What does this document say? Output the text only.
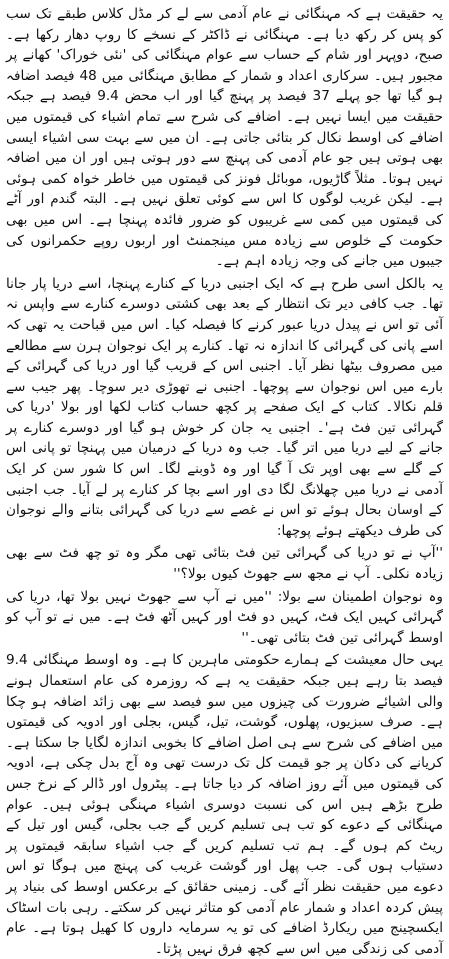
یہ حقیقت ہے کہ مہنگائی نے عام آدمی سے لے کر مڈل کلاس طبقے تک سب کو پس کر رکھ دیا ہے۔ مہنگائی نے ڈاکٹر کے نسخے کا روپ دھار رکھا ہے۔ صبح، دوپہر اور شام کے حساب سے عوام مہنگائی کی 'نئی خوراک' کھانے پر مجبور ہیں۔ سرکاری اعداد و شمار کے مطابق مہنگائی میں 48 فیصد اضافہ ہو گیا تھا جو پہلے 37 فیصد پر پہنچ گیا اور اب محض 9.4 فیصد ہے جبکہ حقیقت میں ایسا نہیں ہے۔ اضافے کی شرح سے تمام اشیاء کی قیمتوں میں اضافے کی اوسط نکال کر بتائی جاتی ہے۔ ان میں سے بہت سی اشیاء ایسی بھی ہوتی ہیں جو عام آدمی کی پہنچ سے دور ہوتی ہیں اور ان میں اضافہ نہیں ہوتا۔ مثلاً گاڑیوں، موبائل فونز کی قیمتوں میں خاطر خواہ کمی ہوئی ہے۔ لیکن غریب لوگوں کا اس سے کوئی تعلق نہیں ہے۔ البتہ گندم اور آٹے کی قیمتوں میں کمی سے غریبوں کو ضرور فائدہ پہنچا ہے۔ اس میں بھی حکومت کے خلوص سے زیادہ مس مینجمنٹ اور اربوں روپے حکمرانوں کی جیبوں میں جانے کی وجہ زیادہ اہم ہے۔

یہ بالکل اسی طرح ہے کہ ایک اجنبی دریا کے کنارے پہنچا، اسے دریا پار جانا تھا۔ جب کافی دیر تک انتظار کے بعد بھی کشتی دوسرے کنارے سے واپس نہ آئی تو اس نے پیدل دریا عبور کرنے کا فیصلہ کیا۔ اس میں قباحت یہ تھی کہ اسے پانی کی گہرائی کا اندازہ نہ تھا۔ کنارے پر ایک نوجوان ہرن سے مطالعے میں مصروف بیٹھا نظر آیا۔ اجنبی اس کے قریب گیا اور دریا کی گہرائی کے بارے میں اس نوجوان سے پوچھا۔ اجنبی نے تھوڑی دیر سوچا۔ پھر جیب سے قلم نکالا۔ کتاب کے ایک صفحے پر کچھ حساب کتاب لکھا اور بولا 'دریا کی گہرائی تین فٹ ہے'۔ اجنبی یہ جان کر خوش ہو گیا اور دوسرے کنارے پر جانے کے لیے دریا میں اتر گیا۔ جب وہ دریا کے درمیان میں پہنچا تو پانی اس کے گلے سے بھی اوپر تک آ گیا اور وہ ڈوبنے لگا۔ اس کا شور سن کر ایک آدمی نے دریا میں چھلانگ لگا دی اور اسے بچا کر کنارے پر لے آیا۔ جب اجنبی کے اوسان بحال ہوئے تو اس نے غصے سے دریا کی گہرائی بتانے والے نوجوان کی طرف دیکھتے ہوئے پوچھا:

''آپ نے تو دریا کی گہرائی تین فٹ بتائی تھی مگر وہ تو چھ فٹ سے بھی زیادہ نکلی۔ آپ نے مجھ سے جھوٹ کیوں بولا؟''

وہ نوجوان اطمینان سے بولا: ''میں نے آپ سے جھوٹ نہیں بولا تھا، دریا کی گہرائی کہیں ایک فٹ، کہیں دو فٹ اور کہیں آٹھ فٹ ہے۔ میں نے تو آپ کو اوسط گہرائی تین فٹ بتائی تھی۔''

یہی حال معیشت کے ہمارے حکومتی ماہرین کا ہے۔ وہ اوسط مہنگائی 9.4 فیصد بتا رہے ہیں جبکہ حقیقت یہ ہے کہ روزمرہ کی عام استعمال ہونے والی اشیائے ضرورت کی چیزوں میں سو فیصد سے بھی زائد اضافہ ہو چکا ہے۔ صرف سبزیوں، پھلوں، گوشت، تیل، گیس، بجلی اور ادویہ کی قیمتوں میں اضافے کی شرح سے ہی اصل اضافے کا بخوبی اندازہ لگایا جا سکتا ہے۔ کریانے کی دکان پر جو قیمت کل تک درست تھی وہ آج بدل چکی ہے، ادویہ کی قیمتوں میں آئے روز اضافہ کر دیا جاتا ہے۔ پیٹرول اور ڈالر کے نرخ جس طرح بڑھے ہیں اس کی نسبت دوسری اشیاء مہنگی ہوئی ہیں۔ عوام مہنگائی کے دعوے کو تب ہی تسلیم کریں گے جب بجلی، گیس اور تیل کے ریٹ کم ہوں گے۔ ہم تب تسلیم کریں گے جب اشیاء سابقہ قیمتوں پر دستیاب ہوں گی۔ جب پھل اور گوشت غریب کی پہنچ میں ہوگا تو اس دعوے میں حقیقت نظر آئے گی۔ زمینی حقائق کے برعکس اوسط کی بنیاد پر پیش کردہ اعداد و شمار عام آدمی کو متاثر نہیں کر سکتے۔ رہی بات اسٹاک ایکسچینج میں ریکارڈ اضافے کی تو یہ سرمایہ داروں کا کھیل ہوتا ہے۔ عام آدمی کی زندگی میں اس سے کچھ فرق نہیں پڑتا۔
